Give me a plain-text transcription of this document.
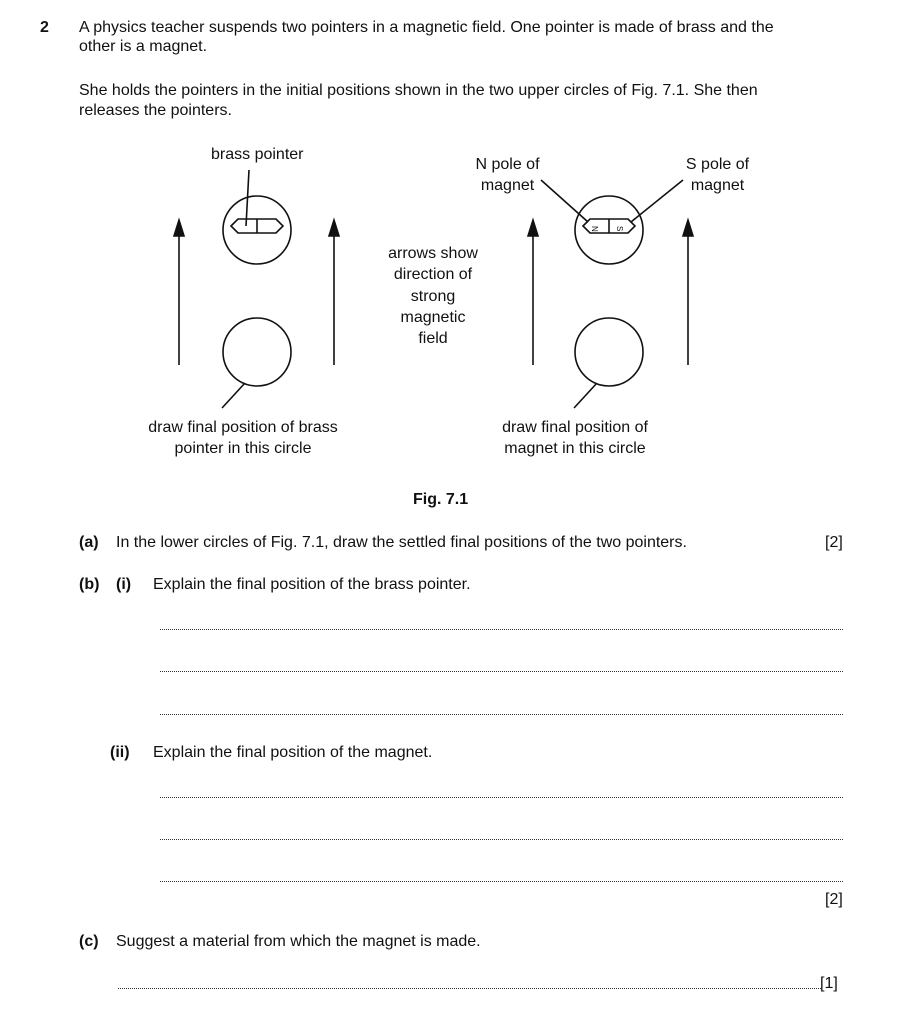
2 A physics teacher suspends two pointers in a magnetic field. One pointer is made of brass and the
other is a magnet.
She holds the pointers in the initial positions shown in the two upper circles of Fig. 7.1. She then
releases the pointers.
N S
brass pointer
N pole of
magnet
S pole of
magnet
arrows show
direction of
strong
magnetic
field
draw final position of brass
pointer in this circle
draw final position of
magnet in this circle
Fig. 7.1
(a) In the lower circles of Fig. 7.1, draw the settled final positions of the two pointers.	[2]
(b) (i) Explain the final position of the brass pointer.
(ii) Explain the final position of the magnet.
[2]
(c) Suggest a material from which the magnet is made.
[1]
